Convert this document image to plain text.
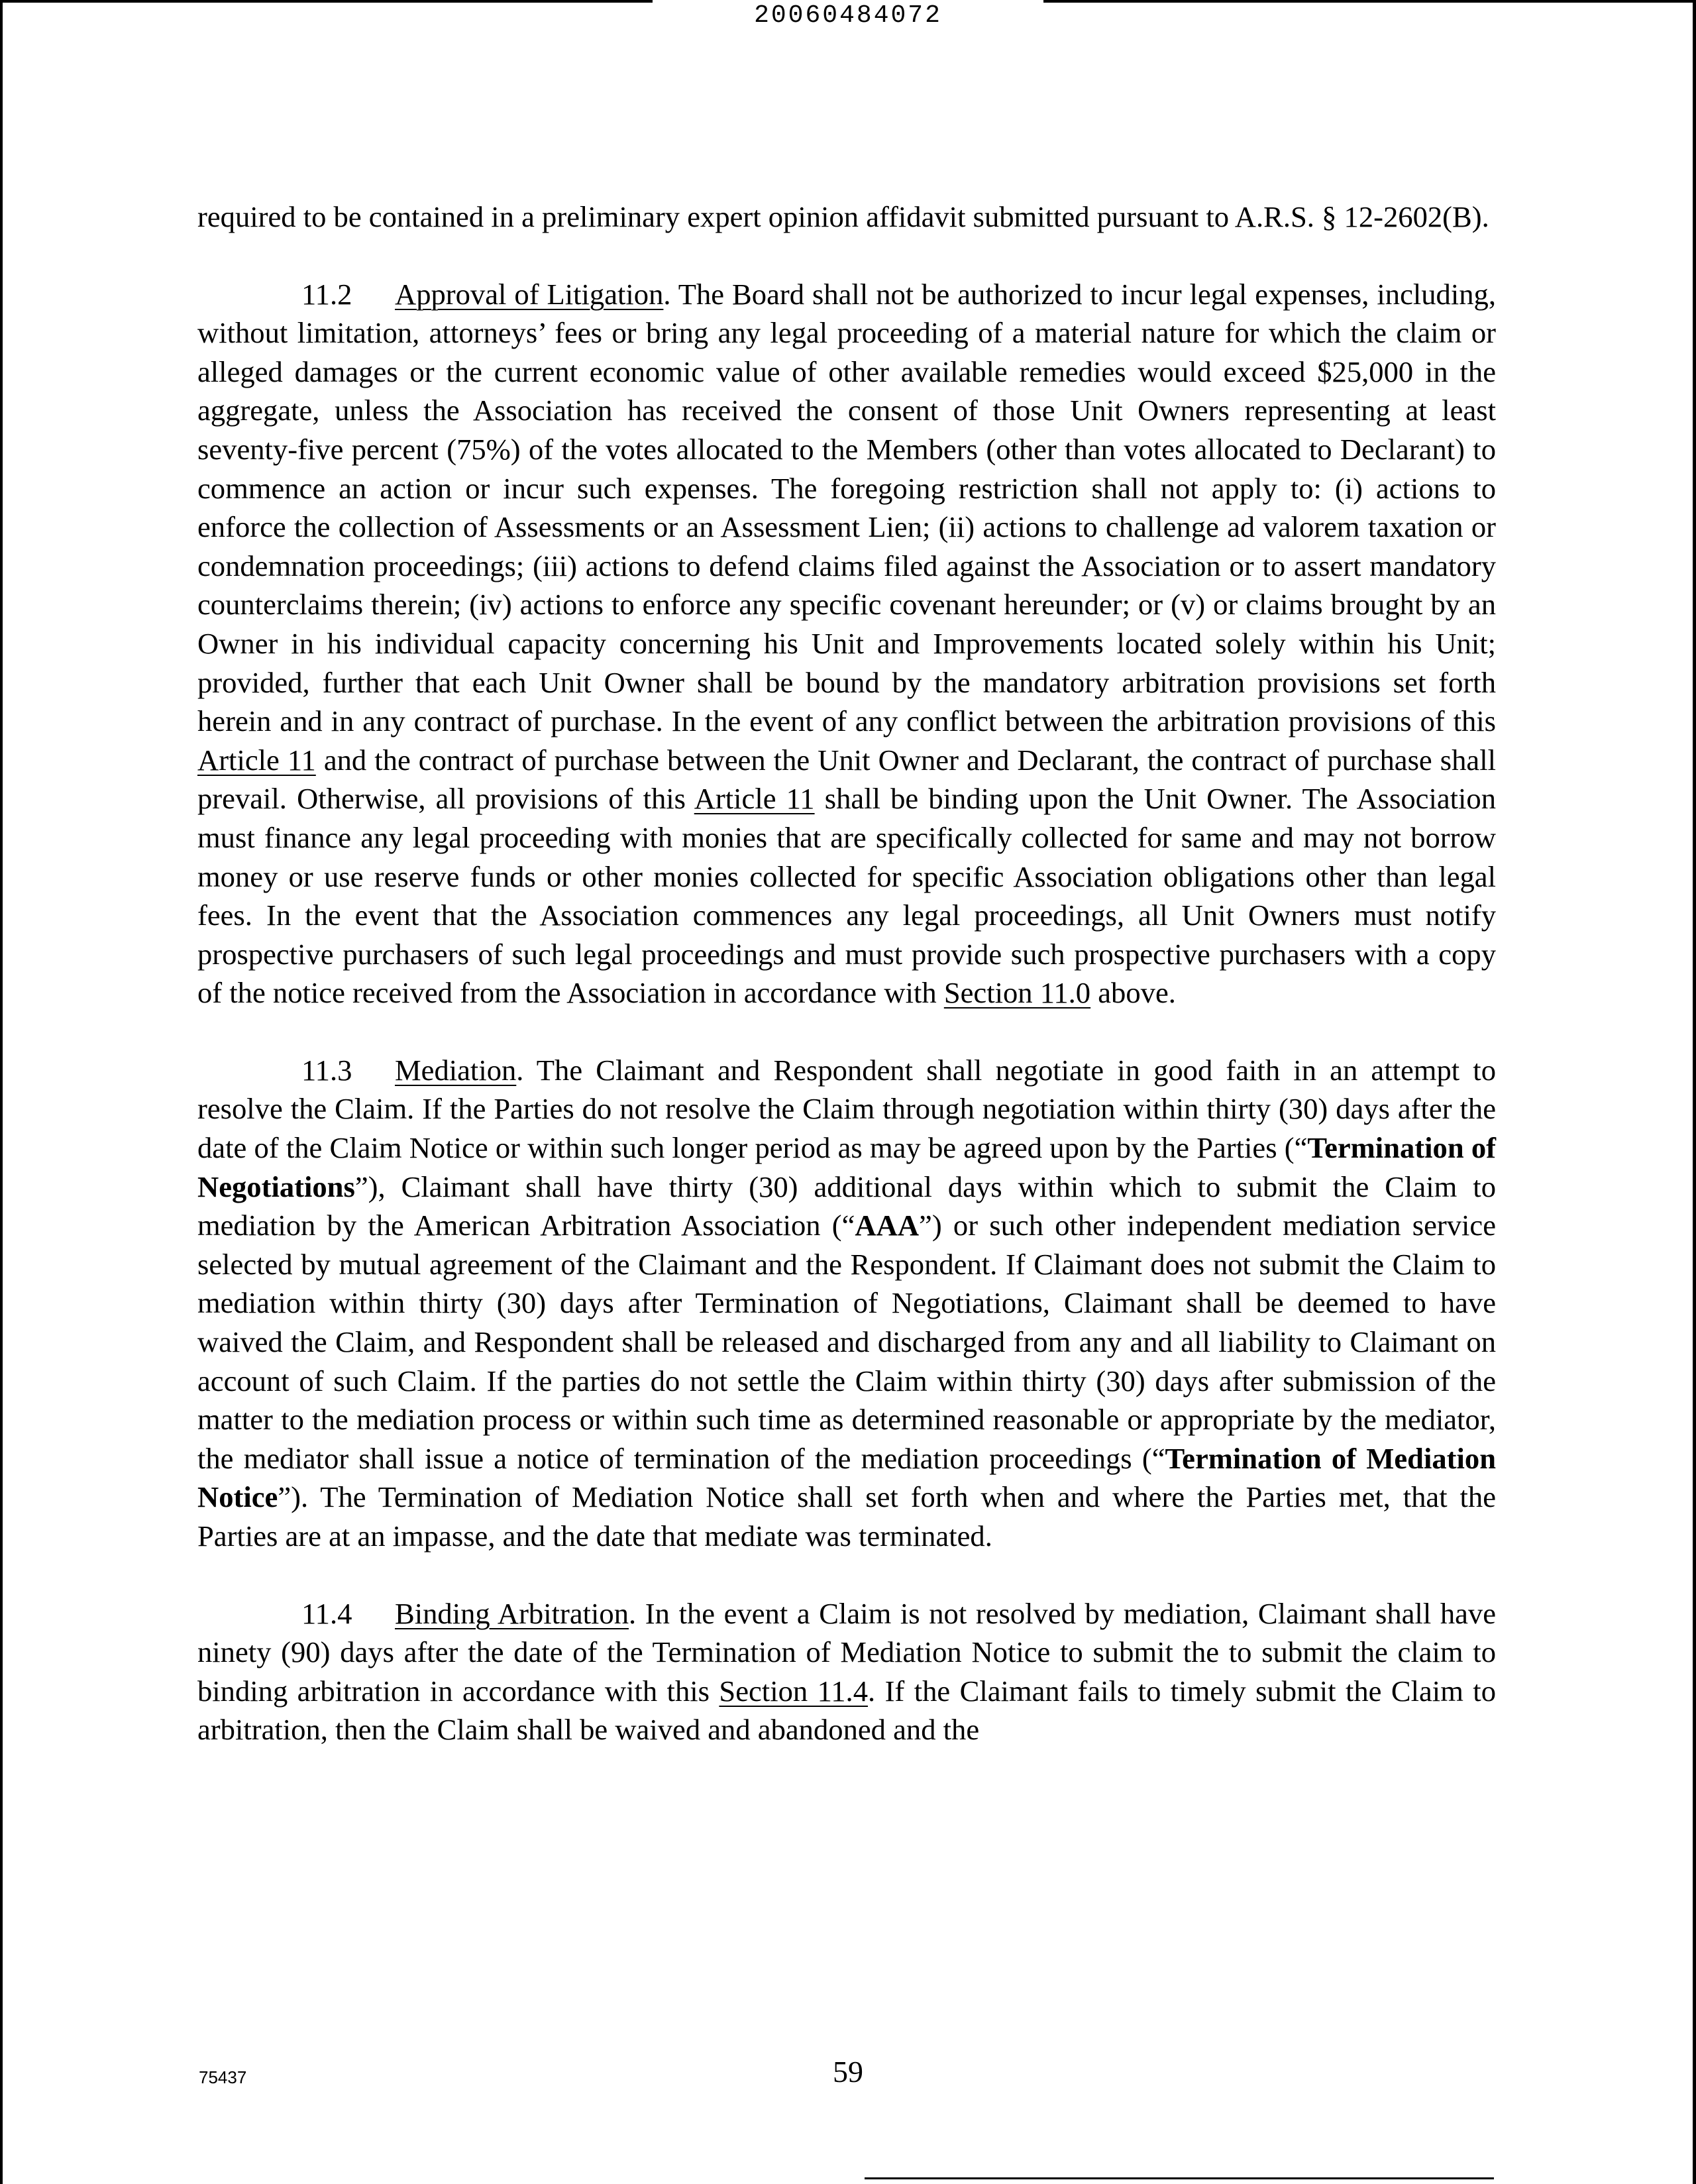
20060484072

required to be contained in a preliminary expert opinion affidavit submitted pursuant to A.R.S. § 12-2602(B).

11.2 Approval of Litigation. The Board shall not be authorized to incur legal expenses, including, without limitation, attorneys’ fees or bring any legal proceeding of a material nature for which the claim or alleged damages or the current economic value of other available remedies would exceed $25,000 in the aggregate, unless the Association has received the consent of those Unit Owners representing at least seventy-five percent (75%) of the votes allocated to the Members (other than votes allocated to Declarant) to commence an action or incur such expenses. The foregoing restriction shall not apply to: (i) actions to enforce the collection of Assessments or an Assessment Lien; (ii) actions to challenge ad valorem taxation or condemnation proceedings; (iii) actions to defend claims filed against the Association or to assert mandatory counterclaims therein; (iv) actions to enforce any specific covenant hereunder; or (v) or claims brought by an Owner in his individual capacity concerning his Unit and Improvements located solely within his Unit; provided, further that each Unit Owner shall be bound by the mandatory arbitration provisions set forth herein and in any contract of purchase. In the event of any conflict between the arbitration provisions of this Article 11 and the contract of purchase between the Unit Owner and Declarant, the contract of purchase shall prevail. Otherwise, all provisions of this Article 11 shall be binding upon the Unit Owner. The Association must finance any legal proceeding with monies that are specifically collected for same and may not borrow money or use reserve funds or other monies collected for specific Association obligations other than legal fees. In the event that the Association commences any legal proceedings, all Unit Owners must notify prospective purchasers of such legal proceedings and must provide such prospective purchasers with a copy of the notice received from the Association in accordance with Section 11.0 above.

11.3 Mediation. The Claimant and Respondent shall negotiate in good faith in an attempt to resolve the Claim. If the Parties do not resolve the Claim through negotiation within thirty (30) days after the date of the Claim Notice or within such longer period as may be agreed upon by the Parties (“Termination of Negotiations”), Claimant shall have thirty (30) additional days within which to submit the Claim to mediation by the American Arbitration Association (“AAA”) or such other independent mediation service selected by mutual agreement of the Claimant and the Respondent. If Claimant does not submit the Claim to mediation within thirty (30) days after Termination of Negotiations, Claimant shall be deemed to have waived the Claim, and Respondent shall be released and discharged from any and all liability to Claimant on account of such Claim. If the parties do not settle the Claim within thirty (30) days after submission of the matter to the mediation process or within such time as determined reasonable or appropriate by the mediator, the mediator shall issue a notice of termination of the mediation proceedings (“Termination of Mediation Notice”). The Termination of Mediation Notice shall set forth when and where the Parties met, that the Parties are at an impasse, and the date that mediate was terminated.

11.4 Binding Arbitration. In the event a Claim is not resolved by mediation, Claimant shall have ninety (90) days after the date of the Termination of Mediation Notice to submit the to submit the claim to binding arbitration in accordance with this Section 11.4. If the Claimant fails to timely submit the Claim to arbitration, then the Claim shall be waived and abandoned and the

75437	59
